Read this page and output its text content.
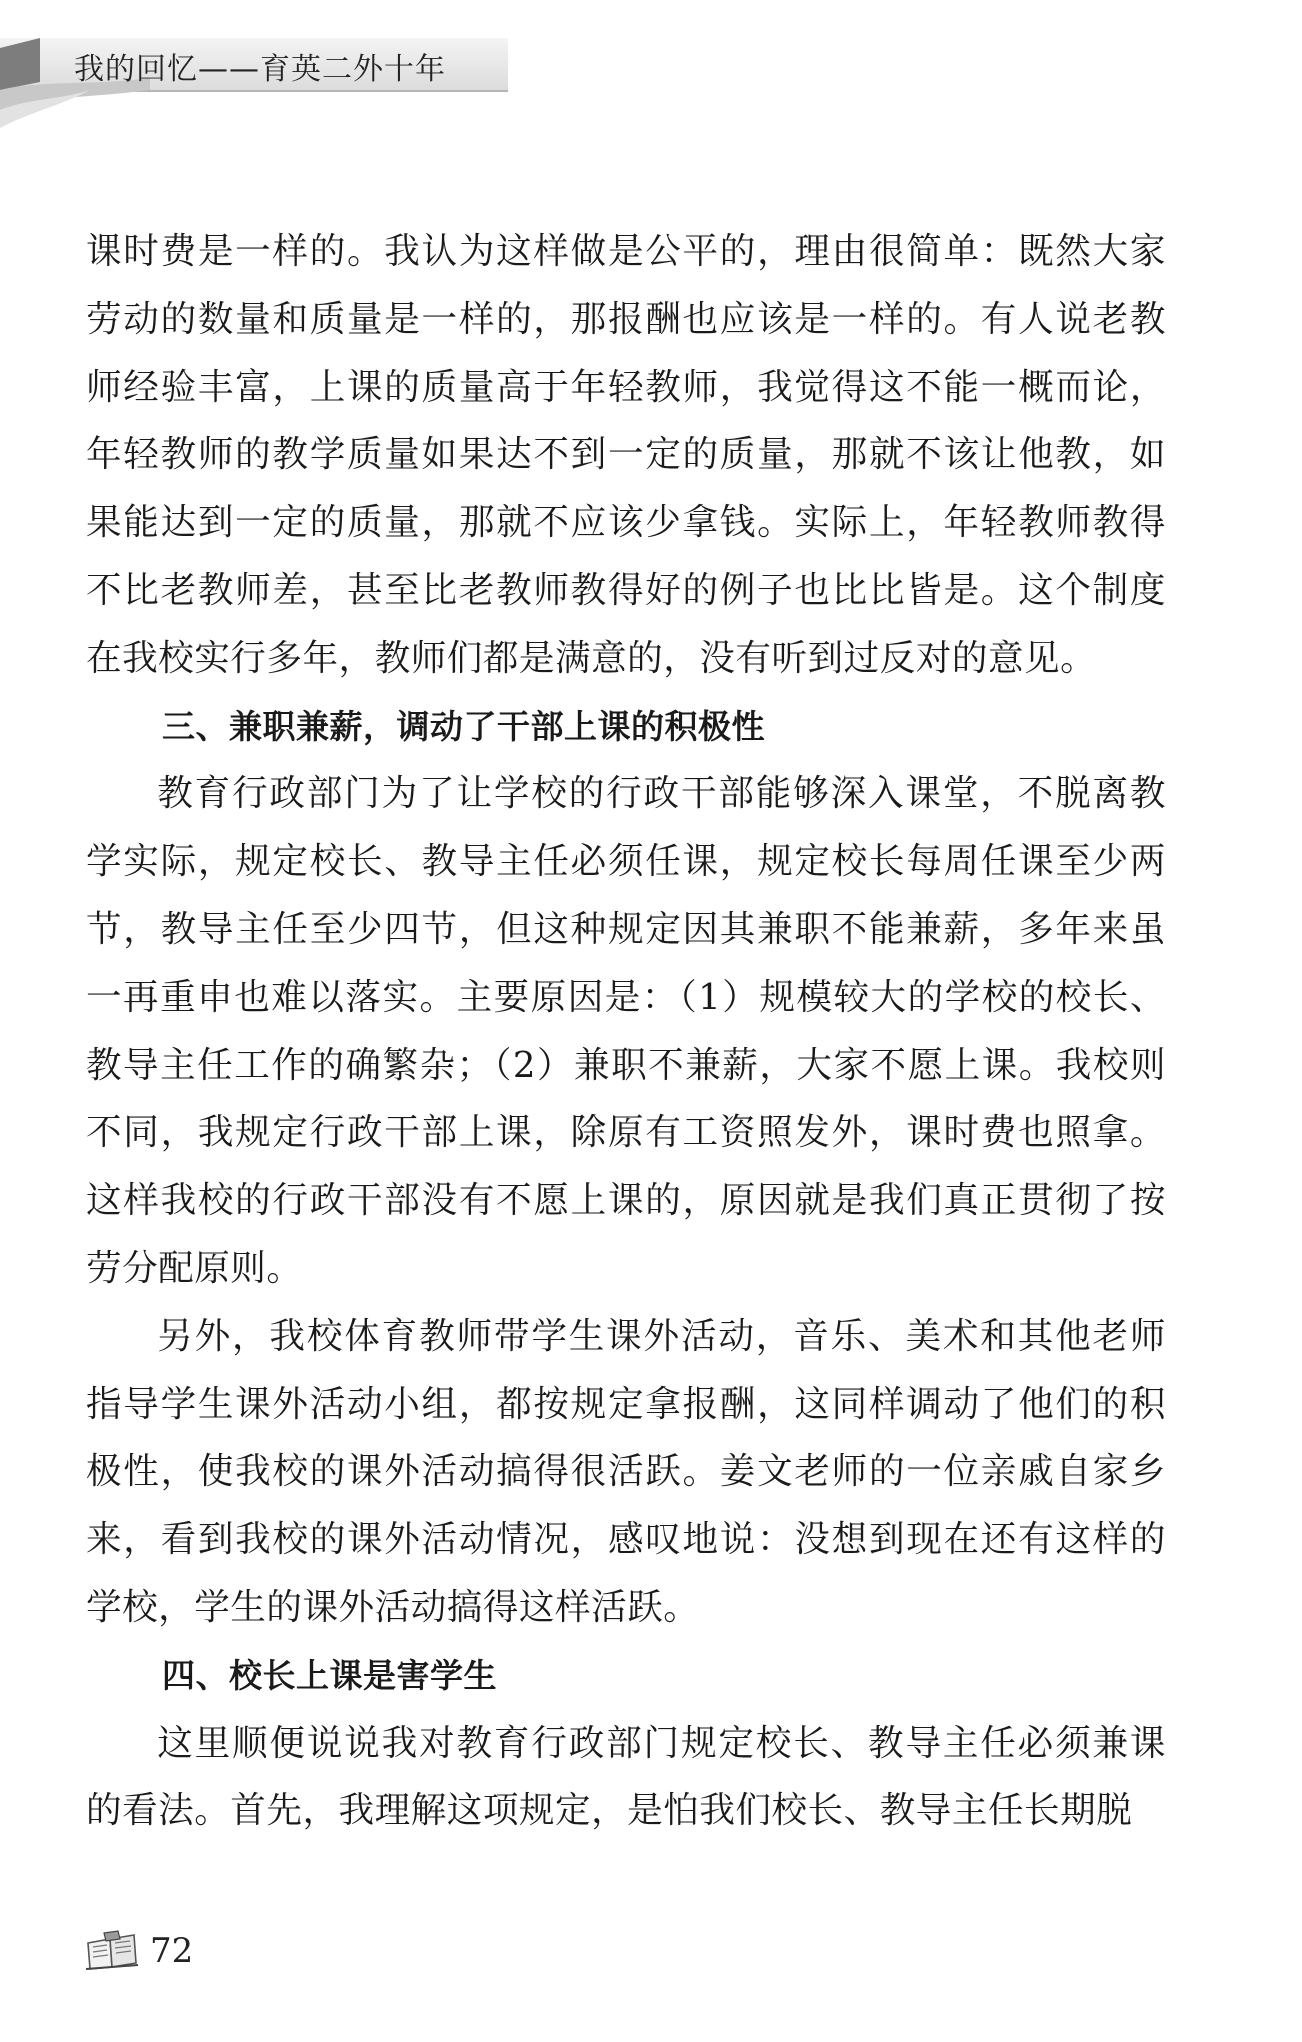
我的回忆——育英二外十年

课时费是一样的。我认为这样做是公平的，理由很简单：既然大家劳动的数量和质量是一样的，那报酬也应该是一样的。有人说老教师经验丰富，上课的质量高于年轻教师，我觉得这不能一概而论，年轻教师的教学质量如果达不到一定的质量，那就不该让他教，如果能达到一定的质量，那就不应该少拿钱。实际上，年轻教师教得不比老教师差，甚至比老教师教得好的例子也比比皆是。这个制度在我校实行多年，教师们都是满意的，没有听到过反对的意见。

三、兼职兼薪，调动了干部上课的积极性

教育行政部门为了让学校的行政干部能够深入课堂，不脱离教学实际，规定校长、教导主任必须任课，规定校长每周任课至少两节，教导主任至少四节，但这种规定因其兼职不能兼薪，多年来虽一再重申也难以落实。主要原因是：（1）规模较大的学校的校长、教导主任工作的确繁杂；（2）兼职不兼薪，大家不愿上课。我校则不同，我规定行政干部上课，除原有工资照发外，课时费也照拿。这样我校的行政干部没有不愿上课的，原因就是我们真正贯彻了按劳分配原则。

另外，我校体育教师带学生课外活动，音乐、美术和其他老师指导学生课外活动小组，都按规定拿报酬，这同样调动了他们的积极性，使我校的课外活动搞得很活跃。姜文老师的一位亲戚自家乡来，看到我校的课外活动情况，感叹地说：没想到现在还有这样的学校，学生的课外活动搞得这样活跃。

四、校长上课是害学生

这里顺便说说我对教育行政部门规定校长、教导主任必须兼课的看法。首先，我理解这项规定，是怕我们校长、教导主任长期脱

72
